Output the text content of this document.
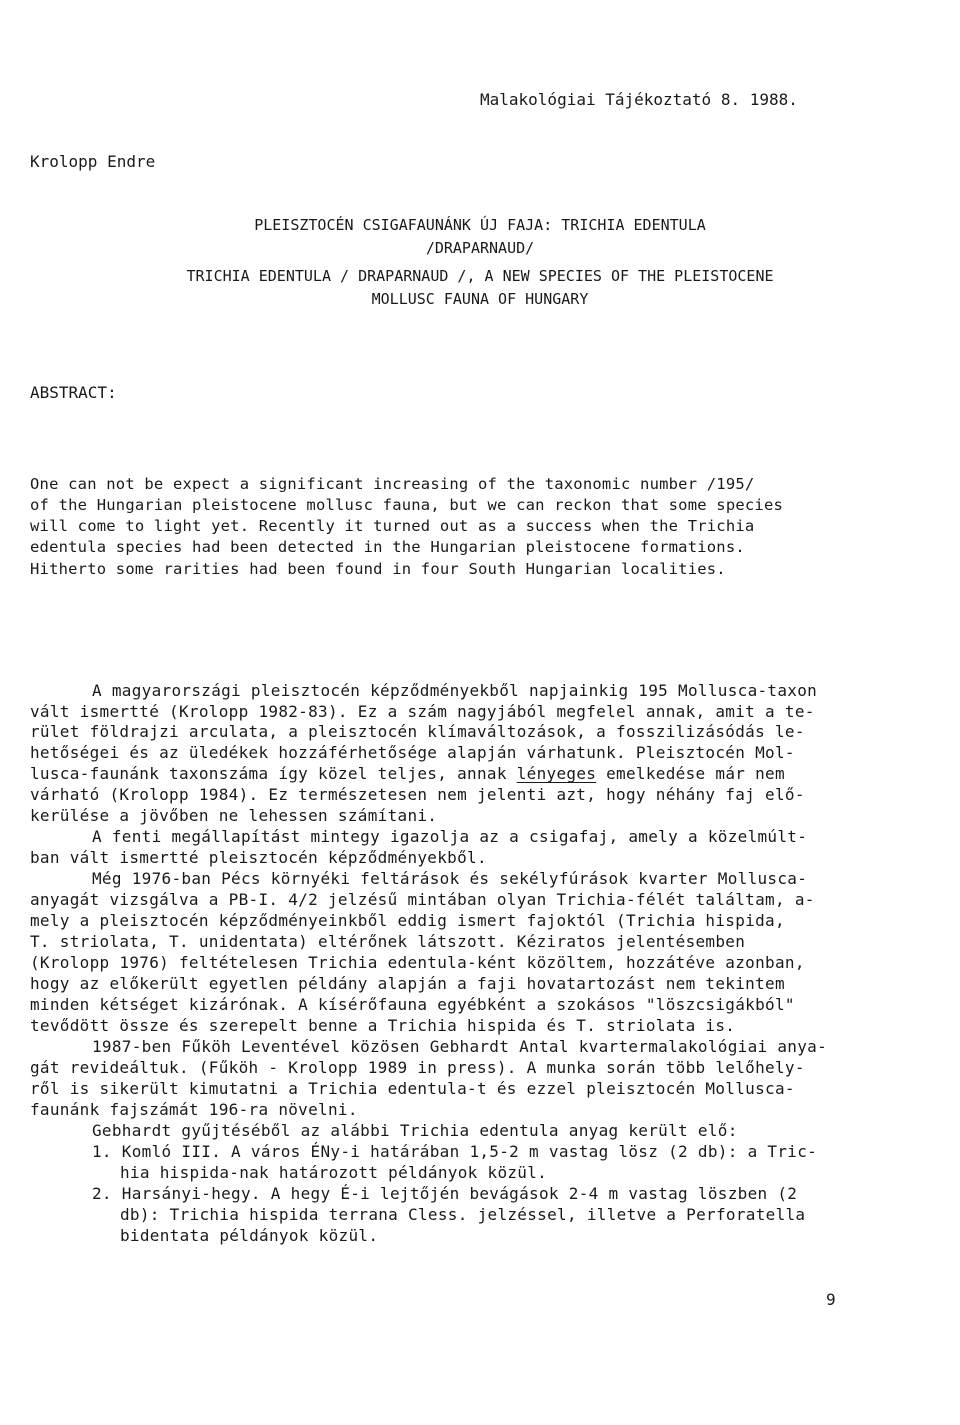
Malakológiai Tájékoztató 8. 1988.
Krolopp Endre
PLEISZTOCÉN CSIGAFAUNÁNK ÚJ FAJA: TRICHIA EDENTULA
/DRAPARNAUD/
TRICHIA EDENTULA / DRAPARNAUD /, A NEW SPECIES OF THE PLEISTOCENE
MOLLUSC FAUNA OF HUNGARY
ABSTRACT:
One can not be expect a significant increasing of the taxonomic number /195/
of the Hungarian pleistocene mollusc fauna, but we can reckon that some species
will come to light yet. Recently it turned out as a success when the Trichia
edentula species had been detected in the Hungarian pleistocene formations.
Hitherto some rarities had been found in four South Hungarian localities.
A magyarországi pleisztocén képződményekből napjainkig 195 Mollusca-taxon
vált ismertté (Krolopp 1982-83). Ez a szám nagyjából megfelel annak, amit a te-
rület földrajzi arculata, a pleisztocén klímaváltozások, a fosszilizásódás le-
hetőségei és az üledékek hozzáférhetősége alapján várhatunk. Pleisztocén Mol-
lusca-faunánk taxonszáma így közel teljes, annak lényeges emelkedése már nem
várható (Krolopp 1984). Ez természetesen nem jelenti azt, hogy néhány faj elő-
kerülése a jövőben ne lehessen számítani.
A fenti megállapítást mintegy igazolja az a csigafaj, amely a közelmúlt-
ban vált ismertté pleisztocén képződményekből.
Még 1976-ban Pécs környéki feltárások és sekélyfúrások kvarter Mollusca-
anyagát vizsgálva a PB-I. 4/2 jelzésű mintában olyan Trichia-félét találtam, a-
mely a pleisztocén képződményeinkből eddig ismert fajoktól (Trichia hispida,
T. striolata, T. unidentata) eltérőnek látszott. Kéziratos jelentésemben
(Krolopp 1976) feltételesen Trichia edentula-ként közöltem, hozzátéve azonban,
hogy az előkerült egyetlen példány alapján a faji hovatartozást nem tekintem
minden kétséget kizárónak. A kísérőfauna egyébként a szokásos "löszcsigákból"
tevődött össze és szerepelt benne a Trichia hispida és T. striolata is.
1987-ben Fűköh Leventével közösen Gebhardt Antal kvartermalakológiai anya-
gát revideáltuk. (Fűköh - Krolopp 1989 in press). A munka során több lelőhely-
ről is sikerült kimutatni a Trichia edentula-t és ezzel pleisztocén Mollusca-
faunánk fajszámát 196-ra növelni.
Gebhardt gyűjtéséből az alábbi Trichia edentula anyag került elő:
1. Komló III. A város ÉNy-i határában 1,5-2 m vastag lösz (2 db): a Tric-
hia hispida-nak határozott példányok közül.
2. Harsányi-hegy. A hegy É-i lejtőjén bevágások 2-4 m vastag löszben (2
db): Trichia hispida terrana Cless. jelzéssel, illetve a Perforatella
bidentata példányok közül.
9
